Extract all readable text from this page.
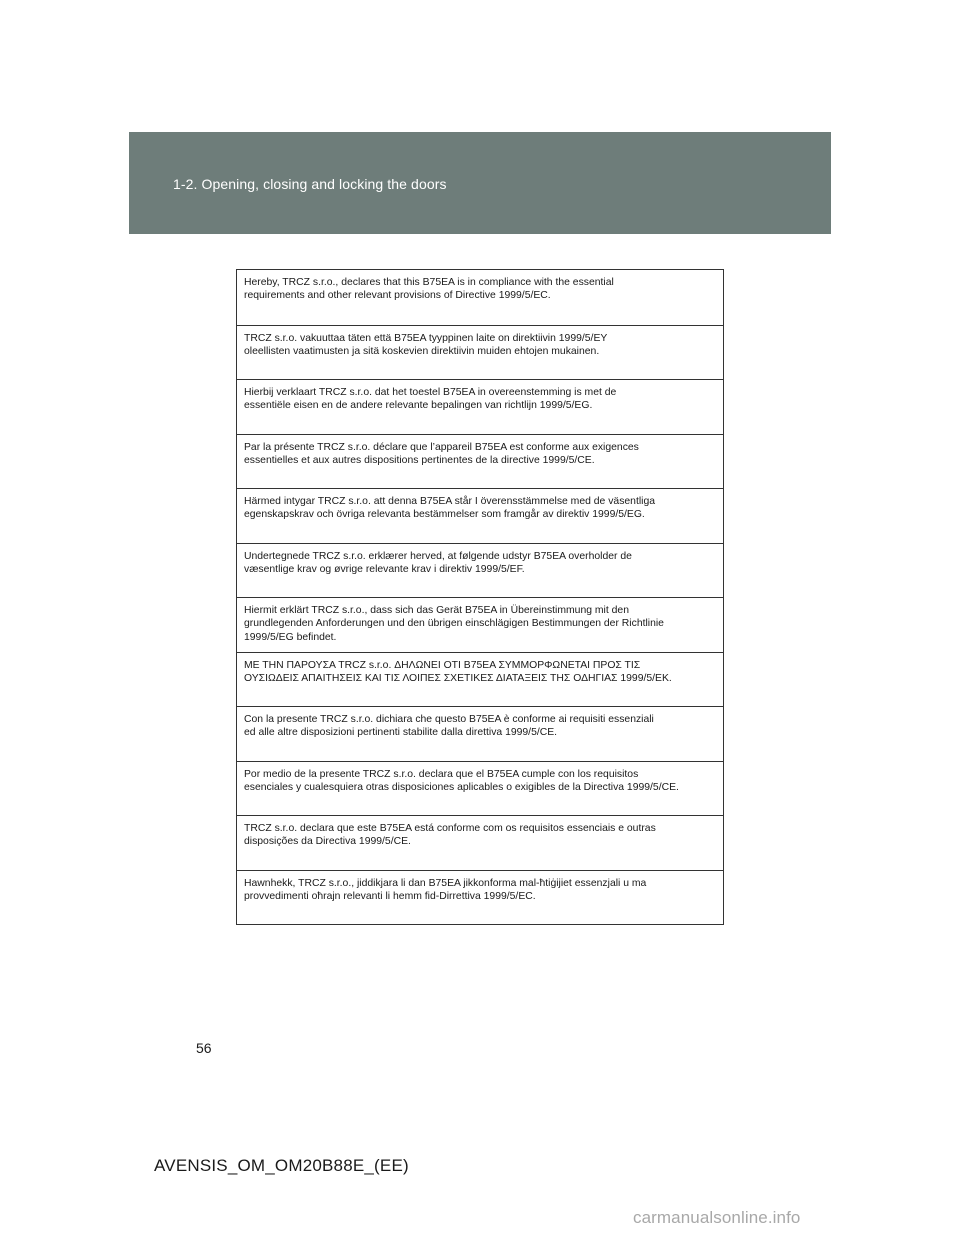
1-2. Opening, closing and locking the doors
Hereby, TRCZ s.r.o., declares that this B75EA is in compliance with the essential
requirements and other relevant provisions of Directive 1999/5/EC.
TRCZ s.r.o. vakuuttaa täten että B75EA tyyppinen laite on direktiivin 1999/5/EY
oleellisten vaatimusten ja sitä koskevien direktiivin muiden ehtojen mukainen.
Hierbij verklaart TRCZ s.r.o. dat het toestel B75EA in overeenstemming is met de
essentiële eisen en de andere relevante bepalingen van richtlijn 1999/5/EG.
Par la présente TRCZ s.r.o. déclare que l’appareil B75EA est conforme aux exigences
essentielles et aux autres dispositions pertinentes de la directive 1999/5/CE.
Härmed intygar TRCZ s.r.o. att denna B75EA står I överensstämmelse med de väsentliga
egenskapskrav och övriga relevanta bestämmelser som framgår av direktiv 1999/5/EG.
Undertegnede TRCZ s.r.o. erklærer herved, at følgende udstyr B75EA overholder de
væsentlige krav og øvrige relevante krav i direktiv 1999/5/EF.
Hiermit erklärt TRCZ s.r.o., dass sich das Gerät B75EA in Übereinstimmung mit den
grundlegenden Anforderungen und den übrigen einschlägigen Bestimmungen der Richtlinie
1999/5/EG befindet.
ΜΕ ΤΗΝ ΠΑΡΟΥΣΑ TRCZ s.r.o. ΔΗΛΩΝΕΙ ΟΤΙ B75EA ΣΥΜΜΟΡΦΩΝΕΤΑΙ ΠΡΟΣ ΤΙΣ
ΟΥΣΙΩΔΕΙΣ ΑΠΑΙΤΗΣΕΙΣ ΚΑΙ ΤΙΣ ΛΟΙΠΕΣ ΣΧΕΤΙΚΕΣ ΔΙΑΤΑΞΕΙΣ ΤΗΣ ΟΔΗΓΙΑΣ 1999/5/ΕΚ.
Con la presente TRCZ s.r.o. dichiara che questo B75EA è conforme ai requisiti essenziali
ed alle altre disposizioni pertinenti stabilite dalla direttiva 1999/5/CE.
Por medio de la presente TRCZ s.r.o. declara que el B75EA cumple con los requisitos
esenciales y cualesquiera otras disposiciones aplicables o exigibles de la Directiva 1999/5/CE.
TRCZ s.r.o. declara que este B75EA está conforme com os requisitos essenciais e outras
disposições da Directiva 1999/5/CE.
Hawnhekk, TRCZ s.r.o., jiddikjara li dan B75EA jikkonforma mal-ħtiġijiet essenzjali u ma
provvedimenti oħrajn relevanti li hemm fid-Dirrettiva 1999/5/EC.
56
AVENSIS_OM_OM20B88E_(EE)
carmanualsonline.info
